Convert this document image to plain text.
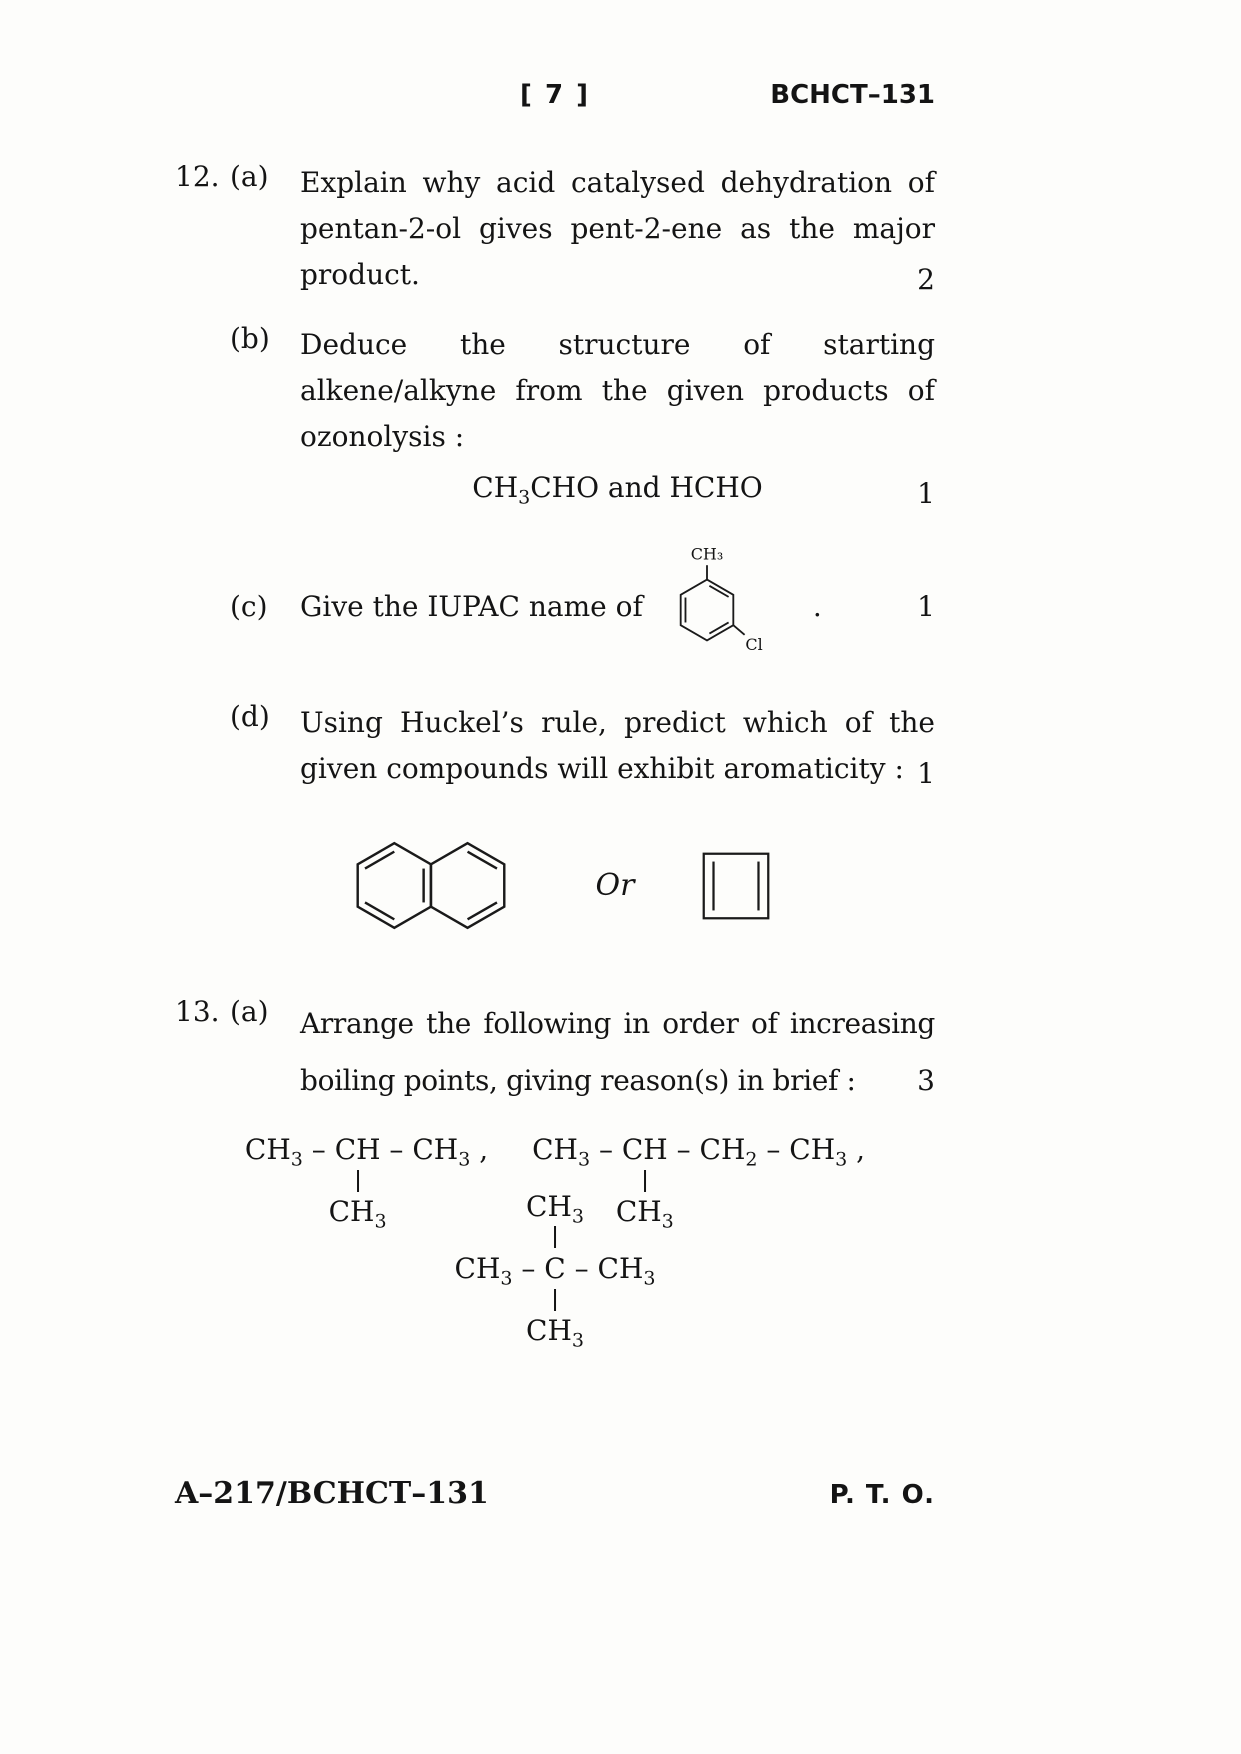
[ 7 ]	BCHCT–131
12. (a)	Explain why acid catalysed dehydration of pentan-2-ol gives pent-2-ene as the major product.	2
(b)	Deduce the structure of starting alkene/alkyne from the given products of ozonolysis :

1
$CH_3CHO$ and HCHO
(c)	Give the IUPAC name of
CH₃
Cl
.	1
(d)	Using Huckel’s rule, predict which of the given compounds will exhibit aromaticity : 1
Or
13. (a)	Arrange the following in order of increasing boiling points, giving reason(s) in brief :	3
$CH_3$ – CH
$CH_3$
– $CH_3$ , $CH_3$ – CH
$CH_3$
– $CH_2 - CH_3$ ,
$CH_3$ – C
$CH_3$
$CH_3$
– $CH_3$
A–217/BCHCT–131	P. T. O.
